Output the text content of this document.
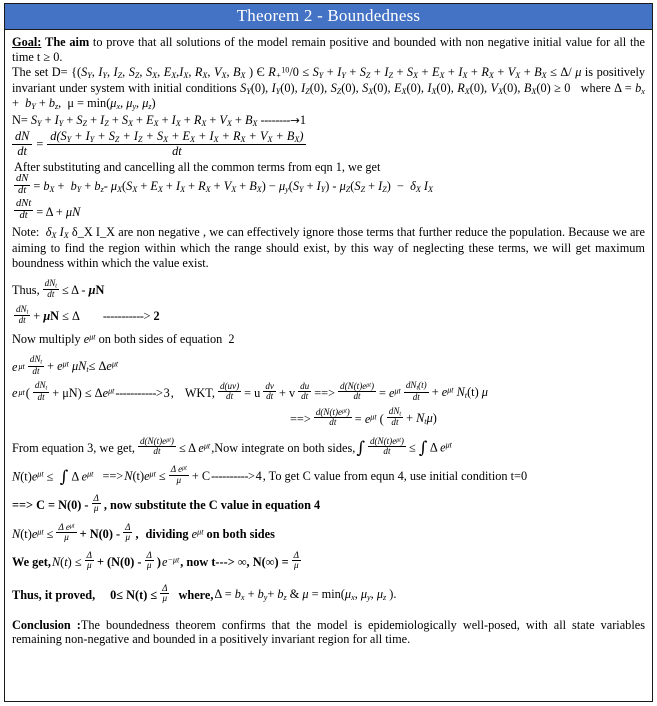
Theorem 2 - Boundedness
Goal: The aim to prove that all solutions of the model remain positive and bounded with non negative initial value for all the time t ≥ 0.
The set $D= \{(S_Y$, $I_Y$, $I_Z$, $S_Z$, $S_X$, $E_X,I_X$, $R_X$, $V_X$, $B_X$ ) Є $R_+^{10}/0 \le S_Y + I_Y + S_Z + I_Z + S_X + E_X + I_X + R_X + V_X + B_X \le \Delta/$ μ is positively invariant under system with initial conditions $S_Y(0)$, $I_Y(0)$, $I_Z(0)$, $S_Z(0)$, $S_X(0)$, $E_X(0)$, $I_X(0)$, $R_X(0)$, $V_X(0)$, $B_X(0) \ge 0$ where $\Delta = b_x + b_Y + b_z$,  $\mu = \min(\mu_x$, $\mu_y$, $\mu_z$)
$N= S_Y + I_Y + S_Z + I_Z + S_X + E_X + I_X + R_X + V_X + B_X$ --------→1
$\frac{dN}{dt} = \frac{d(S_Y + I_Y + S_Z + I_Z + S_X + E_X + I_X + R_X + V_X + B_X)}{dt}$
After substituting and cancelling all the common terms from eqn 1, we get
$\frac{dN}{dt} = b_X + b_Y + b_z-$ $\mu_X(S_X + E_X + I_X + R_X + V_X + B_X) - \mu_y(S_Y + I_Y) - \mu_Z(S_Z + I_Z) - \delta_X$ $I_X$
$\frac{\text{dNt}}{dt} = \Delta + \mu N$
Note: $\delta_X$ $I_X$ δ_X I_X are non negative , we can effectively ignore those terms that further reduce the population. Because we are aiming to find the region within which the range should exist, by this way of neglecting these terms, we will get maximum boundness within which the value exist.
Thus, $\frac{dN_t}{dt} \le \Delta - \mu N$
$\frac{dN_t}{dt} + \mu N \le \Delta$ -----------> 2
Now multiply $e^{\mu t}$ on both sides of equation  2
e μt $\frac{dN_t}{dt} + e^{\mu t}$ $\mu N_t\le \Delta e^{\mu t}$
e μt ( $\frac{dN_t}{dt} + \mu N) \le \Delta e^{\mu t}$ -----------> 3 , WKT, $\frac{d(uv)}{dt} = u \frac{dv}{dt} + v \frac{du}{dt}$ ==> $\frac{d(N(t)e^{\mu t})}{dt} = e^{\mu t} \frac{dN_t(t)}{dt} + e^{\mu t}$ $N_t(t)$ μ
==> $\frac{d(N(t)e^{\mu t})}{dt} = e^{\mu t}$ ( $\frac{dN_t}{dt} + N_t\mu$)
From equation 3, we get, $\frac{d(N(t)e^{\mu t})}{dt} \le \Delta$ $e^{\mu t}$ ,Now integrate on both sides, ∫ $\frac{d(N(t)e^{\mu t})}{dt}$ ≤ ∫ Δ $e^{\mu t}$
$N(t)e^{\mu t}$ ≤  ∫ Δ $e^{\mu t}$ ==> $N(t)e^{\mu t} \le \frac{\Delta e^{\mu t}}{\mu} + C$ ----------> 4 , To get C value from equn 4, use initial condition t=0
==> $C = N(0) - \frac{\Delta}{\mu}$ , now substitute the C value in equation 4
$N(t)e^{\mu t} \le \frac{\Delta e^{\mu t}}{\mu} + N(0) - \frac{\Delta}{\mu}$ , dividing $e^{\mu t}$ on both sides
We get, $N(t) \le \frac{\Delta}{\mu} + (N(0) - \frac{\Delta}{\mu}$ ) $e^{-\mu t}$ , now t---> ∞, $N(\infty) = \frac{\Delta}{\mu}$
Thus, it proved, $0\le N(t) \le \frac{\Delta}{\mu}$ where, $\Delta = b_x + b_y+ b_z$ & $\mu = \min(\mu_x$, $\mu_y$, $\mu_z$ ).
Conclusion :The boundedness theorem confirms that the model is epidemiologically well-posed, with all state variables remaining non-negative and bounded in a positively invariant region for all time.
